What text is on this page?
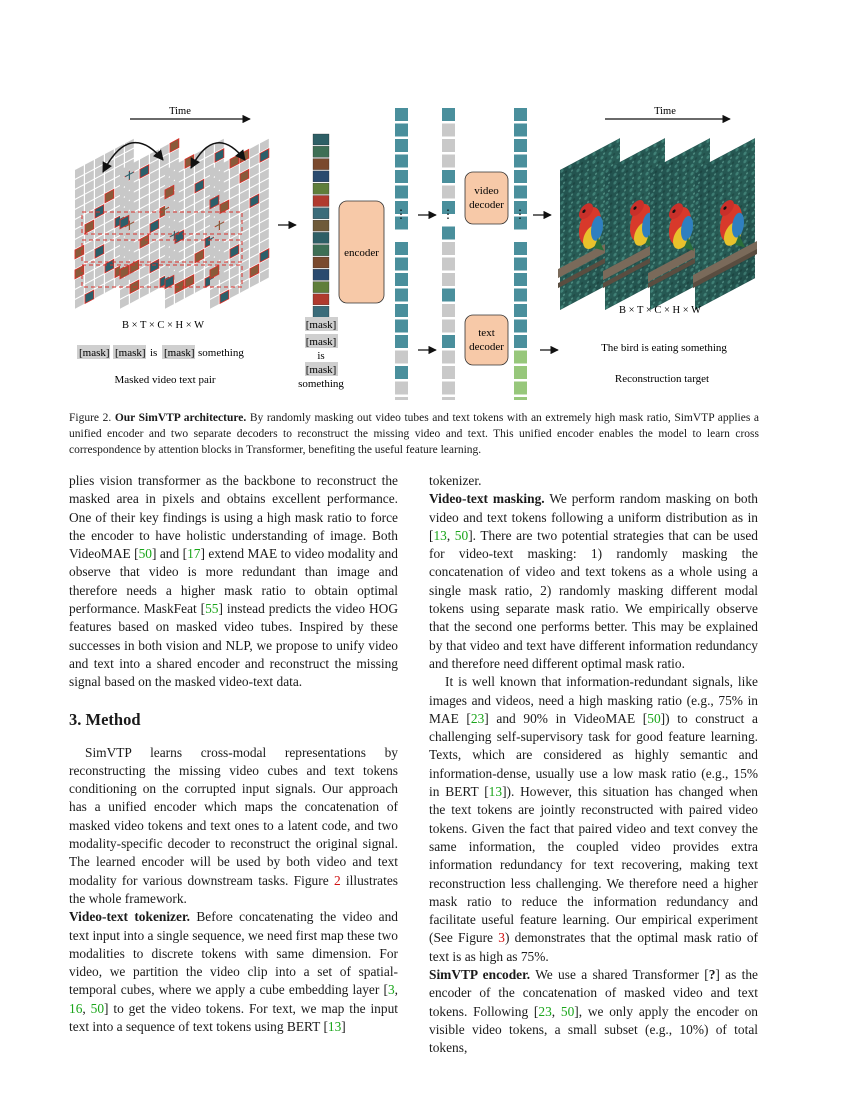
Time
B × T × C × H × W
[mask] [mask] is [mask] something
Masked video text pair
[mask]
[mask]
is
[mask]
something
encoder
⋮	⋮	⋮
video
decoder
text
decoder
Time
B × T × C × H × W
The bird is eating something
Reconstruction target
Figure 2. Our SimVTP architecture. By randomly masking out video tubes and text tokens with an extremely high mask ratio, SimVTP applies a unified encoder and two separate decoders to reconstruct the missing video and text. This unified encoder enables the model to learn cross correspondence by attention blocks in Transformer, benefiting the useful feature learning.

plies vision transformer as the backbone to reconstruct the masked area in pixels and obtains excellent performance. One of their key findings is using a high mask ratio to force the encoder to have holistic understanding of image. Both VideoMAE [50] and [17] extend MAE to video modality and observe that video is more redundant than image and therefore needs a higher mask ratio to obtain optimal performance. MaskFeat [55] instead predicts the video HOG features based on masked video tubes. Inspired by these successes in both vision and NLP, we propose to unify video and text into a shared encoder and reconstruct the missing signal based on the masked video-text data.

3. Method

SimVTP learns cross-modal representations by reconstructing the missing video cubes and text tokens conditioning on the corrupted input signals. Our approach has a unified encoder which maps the concatenation of masked video tokens and text ones to a latent code, and two modality-specific decoder to reconstruct the original signal. The learned encoder will be used by both video and text modality for various downstream tasks. Figure 2 illustrates the whole framework.

Video-text tokenizer. Before concatenating the video and text input into a single sequence, we need first map these two modalities to discrete tokens with same dimension. For video, we partition the video clip into a set of spatial-temporal cubes, where we apply a cube embedding layer [3, 16, 50] to get the video tokens. For text, we map the input text into a sequence of text tokens using BERT [13]

tokenizer.

Video-text masking. We perform random masking on both video and text tokens following a uniform distribution as in [13, 50]. There are two potential strategies that can be used for video-text masking: 1) randomly masking the concatenation of video and text tokens as a whole using a single mask ratio, 2) randomly masking different modal tokens using separate mask ratio. We empirically observe that the second one performs better. This may be explained by that video and text have different information redundancy and therefore need different optimal mask ratio.

It is well known that information-redundant signals, like images and videos, need a high masking ratio (e.g., 75% in MAE [23] and 90% in VideoMAE [50]) to construct a challenging self-supervisory task for good feature learning. Texts, which are considered as highly semantic and information-dense, usually use a low mask ratio (e.g., 15% in BERT [13]). However, this situation has changed when the text tokens are jointly reconstructed with paired video tokens. Given the fact that paired video and text convey the same information, the coupled video provides extra information redundancy for text recovering, making text reconstruction less challenging. We therefore need a higher mask ratio to reduce the information redundancy and facilitate useful feature learning. Our empirical experiment (See Figure 3) demonstrates that the optimal mask ratio of text is as high as 75%.

SimVTP encoder. We use a shared Transformer [?] as the encoder of the concatenation of masked video and text tokens. Following [23, 50], we only apply the encoder on visible video tokens, a small subset (e.g., 10%) of total tokens,
